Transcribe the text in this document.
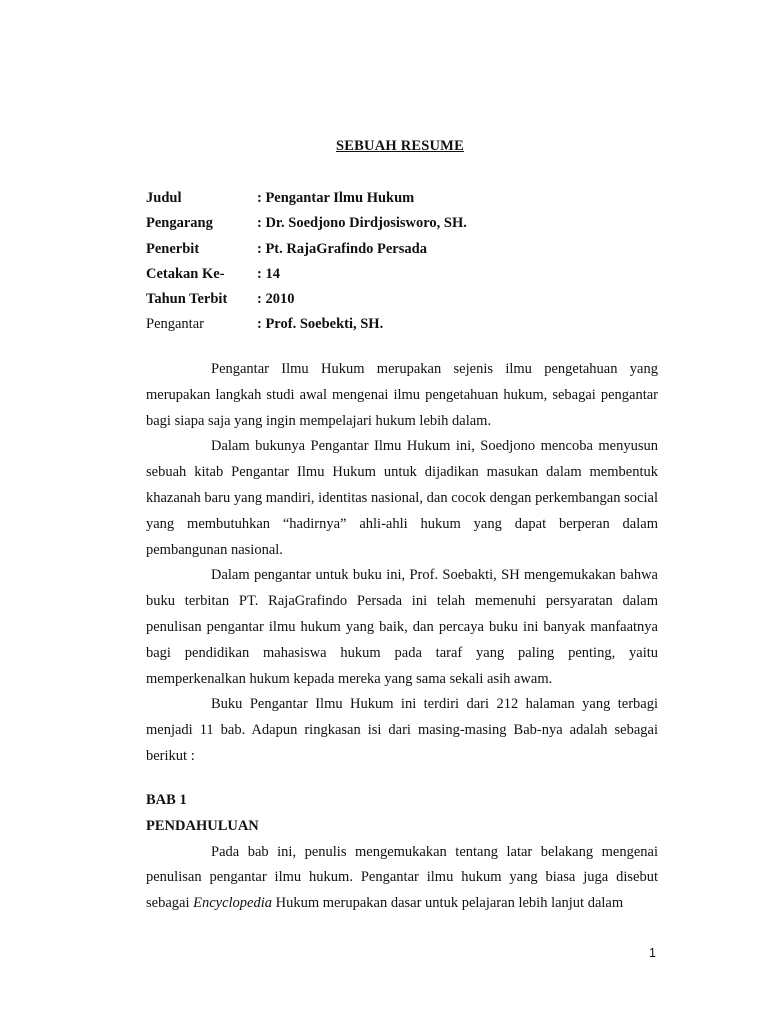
SEBUAH RESUME
Judul	: Pengantar Ilmu Hukum
Pengarang	: Dr. Soedjono Dirdjosisworo, SH.
Penerbit	: Pt. RajaGrafindo Persada
Cetakan Ke- : 14
Tahun Terbit : 2010
Pengantar	: Prof. Soebekti, SH.

Pengantar Ilmu Hukum merupakan sejenis ilmu pengetahuan yang merupakan langkah studi awal mengenai ilmu pengetahuan hukum, sebagai pengantar bagi siapa saja yang ingin mempelajari hukum lebih dalam.

Dalam bukunya Pengantar Ilmu Hukum ini, Soedjono mencoba menyusun sebuah kitab Pengantar Ilmu Hukum untuk dijadikan masukan dalam membentuk khazanah baru yang mandiri, identitas nasional, dan cocok dengan perkembangan social yang membutuhkan “hadirnya” ahli-ahli hukum yang dapat berperan dalam pembangunan nasional.

Dalam pengantar untuk buku ini, Prof. Soebakti, SH mengemukakan bahwa buku terbitan PT. RajaGrafindo Persada ini telah memenuhi persyaratan dalam penulisan pengantar ilmu hukum yang baik, dan percaya buku ini banyak manfaatnya bagi pendidikan mahasiswa hukum pada taraf yang paling penting, yaitu memperkenalkan hukum kepada mereka yang sama sekali asih awam.

Buku Pengantar Ilmu Hukum ini terdiri dari 212 halaman yang terbagi menjadi 11 bab. Adapun ringkasan isi dari masing-masing Bab-nya adalah sebagai berikut :

BAB 1

PENDAHULUAN

Pada bab ini, penulis mengemukakan tentang latar belakang mengenai penulisan pengantar ilmu hukum. Pengantar ilmu hukum yang biasa juga disebut sebagai Encyclopedia Hukum merupakan dasar untuk pelajaran lebih lanjut dalam

1
